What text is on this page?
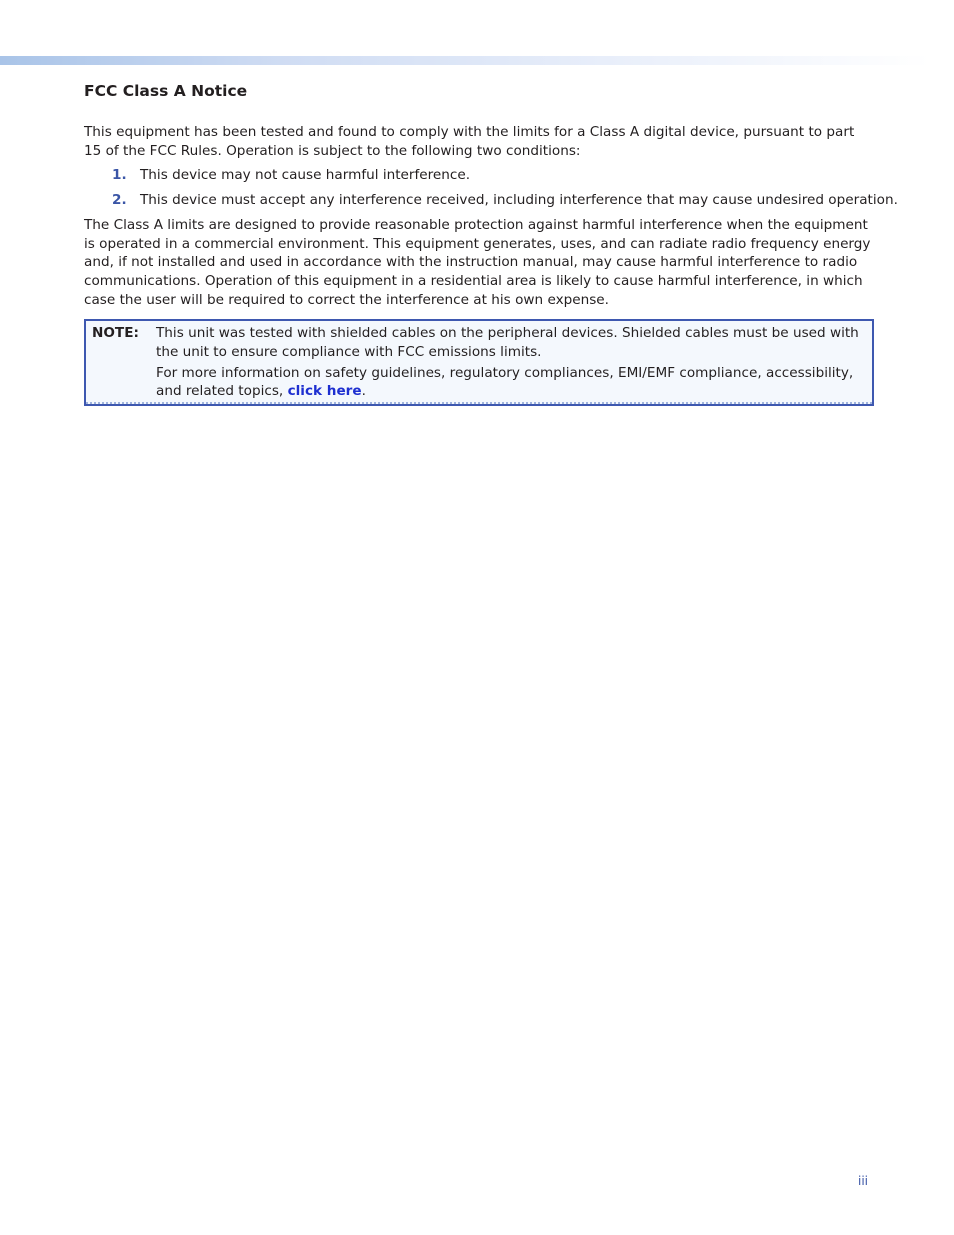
FCC Class A Notice

This equipment has been tested and found to comply with the limits for a Class A digital device, pursuant to part 15 of the FCC Rules. Operation is subject to the following two conditions:

1. This device may not cause harmful interference.
2. This device must accept any interference received, including interference that may cause undesired operation.

The Class A limits are designed to provide reasonable protection against harmful interference when the equipment is operated in a commercial environment. This equipment generates, uses, and can radiate radio frequency energy and, if not installed and used in accordance with the instruction manual, may cause harmful interference to radio communications. Operation of this equipment in a residential area is likely to cause harmful interference, in which case the user will be required to correct the interference at his own expense.

NOTE:	This unit was tested with shielded cables on the peripheral devices. Shielded cables must be used with the unit to ensure compliance with FCC emissions limits.

For more information on safety guidelines, regulatory compliances, EMI/EMF compliance, accessibility, and related topics, click here.

iii
